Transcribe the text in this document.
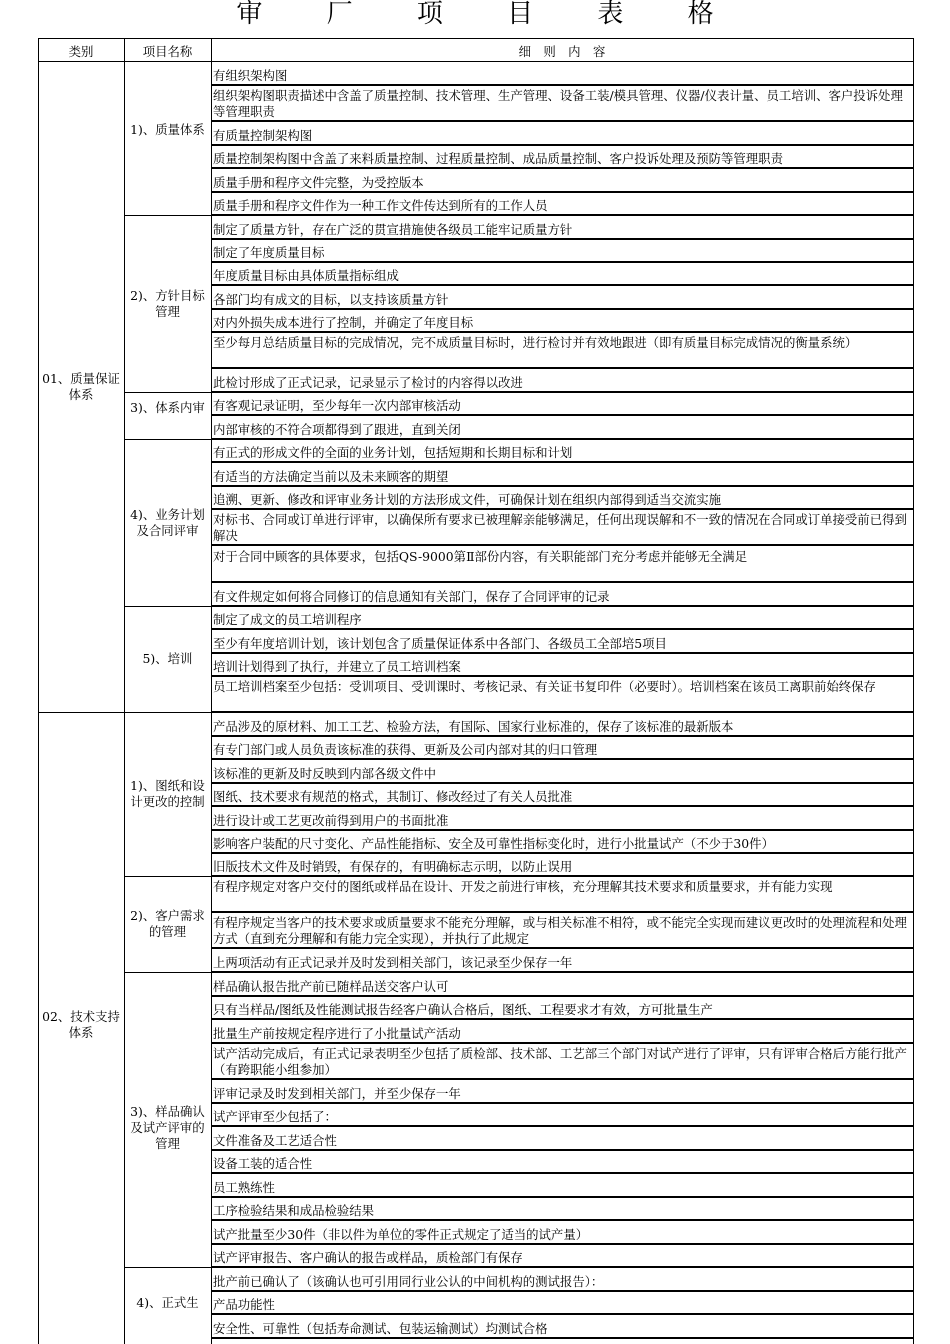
审 厂 项 目 表 格
类别	项目名称	细　则　内　容
01、质量保证体系
02、技术支持体系
1)、质量体系
2)、方针目标管理
3)、体系内审
4)、业务计划及合同评审
5)、培训
1)、图纸和设计更改的控制
2)、客户需求的管理
3)、样品确认及试产评审的管理
4)、正式生
有组织架构图
组织架构图职责描述中含盖了质量控制、技术管理、生产管理、设备工装/模具管理、仪器/仪表计量、员工培训、客户投诉处理等管理职责
有质量控制架构图
质量控制架构图中含盖了来料质量控制、过程质量控制、成品质量控制、客户投诉处理及预防等管理职责
质量手册和程序文件完整，为受控版本
质量手册和程序文件作为一种工作文件传达到所有的工作人员
制定了质量方针，存在广泛的贯宣措施使各级员工能牢记质量方针
制定了年度质量目标
年度质量目标由具体质量指标组成
各部门均有成文的目标，以支持该质量方针
对内外损失成本进行了控制，并确定了年度目标
至少每月总结质量目标的完成情况，完不成质量目标时，进行检讨并有效地跟进（即有质量目标完成情况的衡量系统）
此检讨形成了正式记录，记录显示了检讨的内容得以改进
有客观记录证明，至少每年一次内部审核活动
内部审核的不符合项都得到了跟进，直到关闭
有正式的形成文件的全面的业务计划，包括短期和长期目标和计划
有适当的方法确定当前以及未来顾客的期望
追溯、更新、修改和评审业务计划的方法形成文件，可确保计划在组织内部得到适当交流实施
对标书、合同或订单进行评审，以确保所有要求已被理解亲能够满足，任何出现误解和不一致的情况在合同或订单接受前已得到解决
对于合同中顾客的具体要求，包括QS-9000第Ⅱ部份内容，有关职能部门充分考虑并能够无全满足
有文件规定如何将合同修订的信息通知有关部门，保存了合同评审的记录
制定了成文的员工培训程序
至少有年度培训计划，该计划包含了质量保证体系中各部门、各级员工全部培5项目
培训计划得到了执行，并建立了员工培训档案
员工培训档案至少包括：受训项目、受训课时、考核记录、有关证书复印件（必要时）。培训档案在该员工离职前始终保存
产品涉及的原材料、加工工艺、检验方法，有国际、国家行业标准的，保存了该标准的最新版本
有专门部门或人员负责该标准的获得、更新及公司内部对其的归口管理
该标准的更新及时反映到内部各级文件中
图纸、技术要求有规范的格式，其制订、修改经过了有关人员批准
进行设计或工艺更改前得到用户的书面批准
影响客户装配的尺寸变化、产品性能指标、安全及可靠性指标变化时，进行小批量试产（不少于30件）
旧版技术文件及时销毁，有保存的，有明确标志示明，以防止误用
有程序规定对客户交付的图纸或样品在设计、开发之前进行审核，充分理解其技术要求和质量要求，并有能力实现
有程序规定当客户的技术要求或质量要求不能充分理解，或与相关标准不相符，或不能完全实现而建议更改时的处理流程和处理方式（直到充分理解和有能力完全实现），并执行了此规定
上两项活动有正式记录并及时发到相关部门，该记录至少保存一年
样品确认报告批产前已随样品送交客户认可
只有当样品/图纸及性能测试报告经客户确认合格后，图纸、工程要求才有效，方可批量生产
批量生产前按规定程序进行了小批量试产活动
试产活动完成后，有正式记录表明至少包括了质检部、技术部、工艺部三个部门对试产进行了评审，只有评审合格后方能行批产（有跨职能小组参加）
评审记录及时发到相关部门，并至少保存一年
试产评审至少包括了：
文件准备及工艺适合性
设备工装的适合性
员工熟练性
工序检验结果和成品检验结果
试产批量至少30件（非以件为单位的零件正式规定了适当的试产量）
试产评审报告、客户确认的报告或样品，质检部门有保存
批产前已确认了（该确认也可引用同行业公认的中间机构的测试报告）：
产品功能性
安全性、可靠性（包括寿命测试、包装运输测试）均测试合格
